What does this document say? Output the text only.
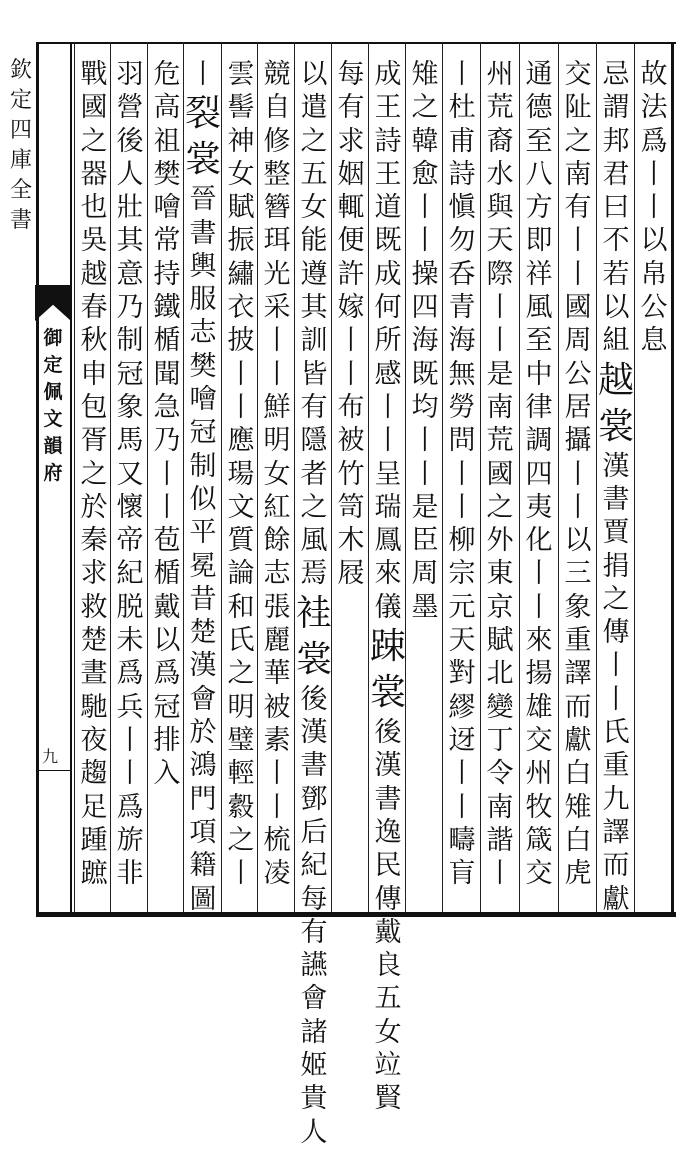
欽
定
四
庫
全
書
御
定
佩
文
韻
府
九
故
法
爲
丨
丨
以
帛
公
息
忌
謂
邦
君
曰
不
若
以
組
越
裳
漢
書
賈
捐
之
傳
丨
丨
氏
重
九
譯
而
獻
交
阯
之
南
有
丨
丨
國
周
公
居
攝
丨
丨
以
三
象
重
譯
而
獻
白
雉
白
虎
通
德
至
八
方
即
祥
風
至
中
律
調
四
夷
化
丨
丨
來
揚
雄
交
州
牧
箴
交
州
荒
裔
水
與
天
際
丨
丨
是
南
荒
國
之
外
東
京
賦
北
變
丁
令
南
諧
丨
丨
杜
甫
詩
愼
勿
呑
青
海
無
勞
問
丨
丨
柳
宗
元
天
對
繆
迓
丨
丨
疇
肓
雉
之
韓
愈
丨
丨
操
四
海
既
均
丨
丨
是
臣
周
墨
成
王
詩
王
道
既
成
何
所
感
丨
丨
呈
瑞
鳳
來
儀
踈
裳
後
漢
書
逸
民
傳
戴
良
五
女
竝
賢
每
有
求
姻
輒
便
許
嫁
丨
丨
布
被
竹
笥
木
屐
以
遣
之
五
女
能
遵
其
訓
皆
有
隱
者
之
風
焉
袿
裳
後
漢
書
鄧
后
紀
每
有
讌
會
諸
姬
貴
人
競
自
修
整
簪
珥
光
采
丨
丨
鮮
明
女
紅
餘
志
張
麗
華
被
素
丨
丨
梳
凌
雲
髻
神
女
賦
振
繡
衣
披
丨
丨
應
瑒
文
質
論
和
氏
之
明
璧
輕
縠
之
丨
丨
裂
裳
晉
書
輿
服
志
樊
噲
冠
制
似
平
冕
昔
楚
漢
會
於
鴻
門
項
籍
圖
危
高
祖
樊
噲
常
持
鐵
楯
聞
急
乃
丨
丨
苞
楯
戴
以
爲
冠
排
入
羽
營
後
人
壯
其
意
乃
制
冠
象
馬
又
懷
帝
紀
脱
未
爲
兵
丨
丨
爲
旂
非
戰
國
之
器
也
吳
越
春
秋
申
包
胥
之
於
秦
求
救
楚
晝
馳
夜
趨
足
踵
蹠
